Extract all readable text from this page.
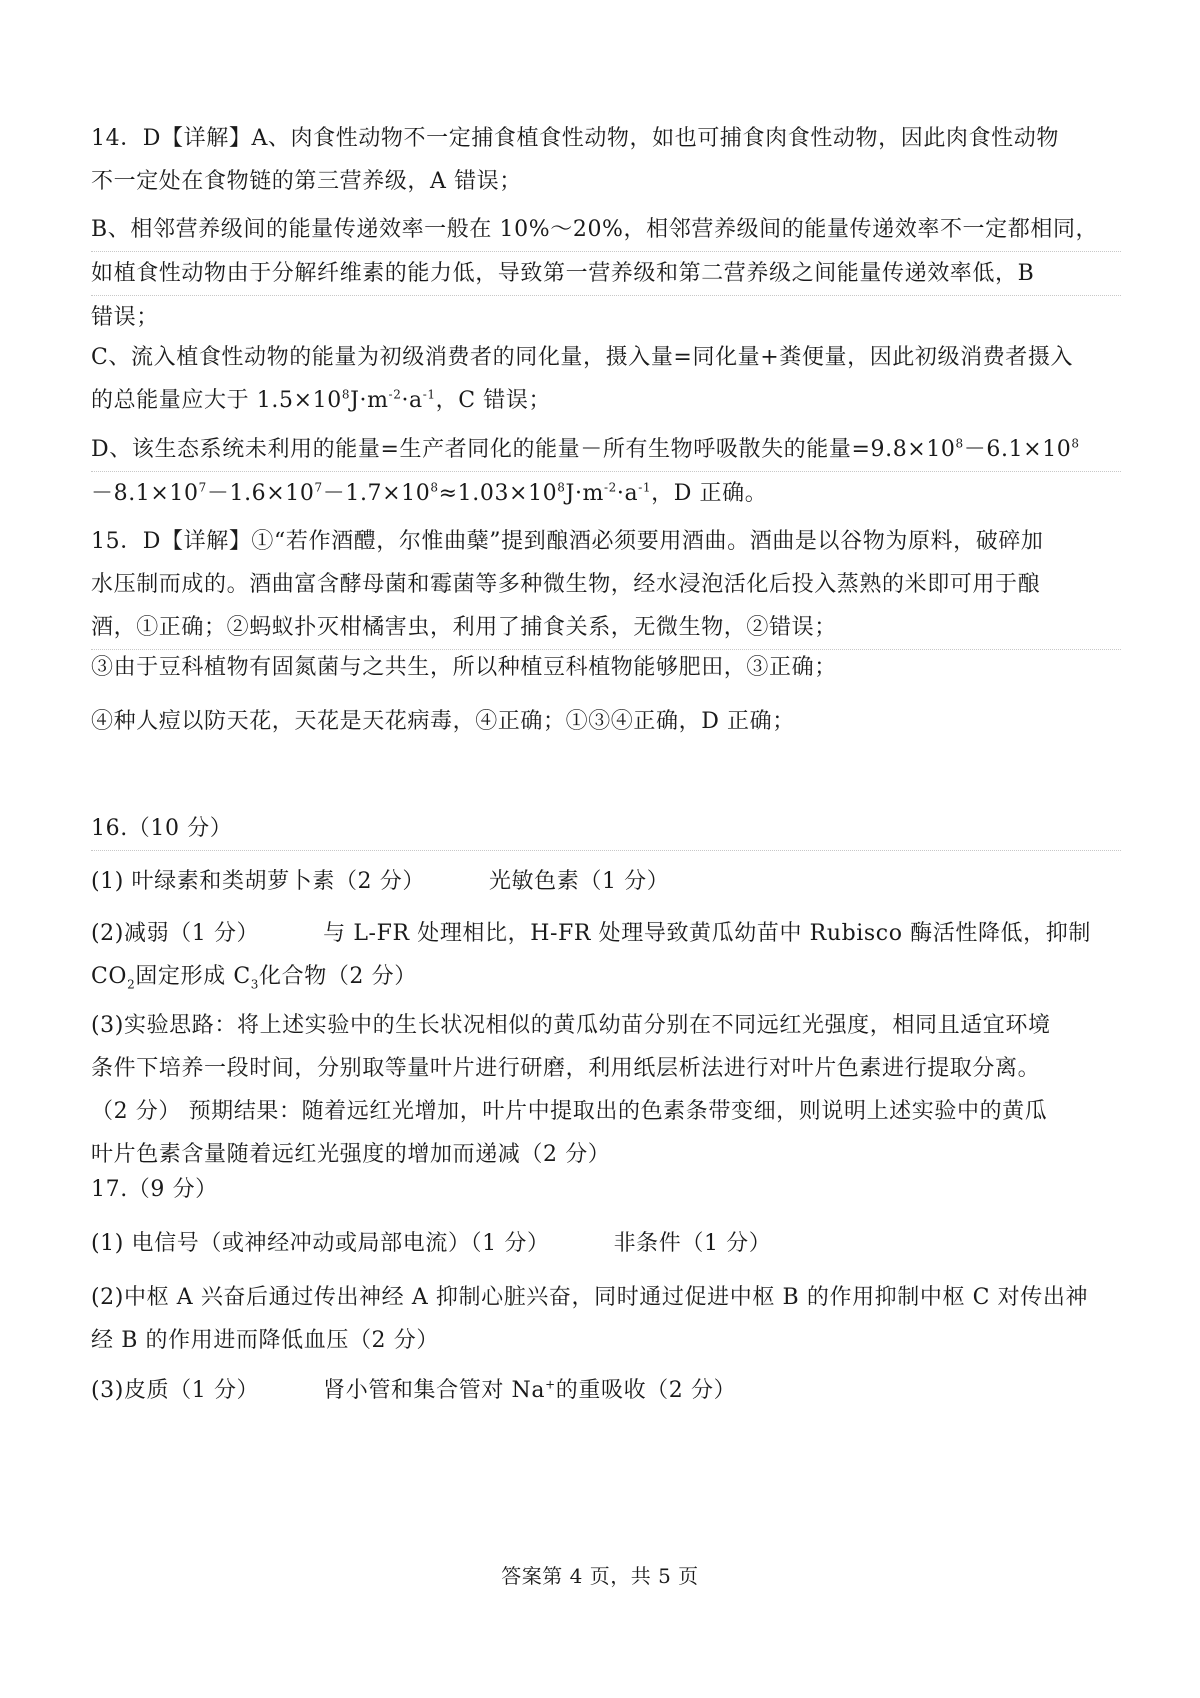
14．D【详解】A、肉食性动物不一定捕食植食性动物，如也可捕食肉食性动物，因此肉食性动物
不一定处在食物链的第三营养级，A 错误；
B、相邻营养级间的能量传递效率一般在 10%～20%，相邻营养级间的能量传递效率不一定都相同，
如植食性动物由于分解纤维素的能力低，导致第一营养级和第二营养级之间能量传递效率低，B
错误；
C、流入植食性动物的能量为初级消费者的同化量，摄入量=同化量+粪便量，因此初级消费者摄入
的总能量应大于 $1.5\times 10^8J\cdot m^{-2}\cdot a^{-1}$，C 错误；
D、该生态系统未利用的能量=生产者同化的能量－所有生物呼吸散失的能量$=9.8\times 10^8-6.1\times 10^8$
$-8.1\times 10^7-1.6\times 10^7-1.7\times 10^8\approx 1.03\times 10^8J\cdot m^{-2}\cdot a^{-1}$，D 正确。
15．D【详解】①“若作酒醴，尔惟曲蘖”提到酿酒必须要用酒曲。酒曲是以谷物为原料，破碎加
水压制而成的。酒曲富含酵母菌和霉菌等多种微生物，经水浸泡活化后投入蒸熟的米即可用于酿
酒，①正确；②蚂蚁扑灭柑橘害虫，利用了捕食关系，无微生物，②错误；
③由于豆科植物有固氮菌与之共生，所以种植豆科植物能够肥田，③正确；
④种人痘以防天花，天花是天花病毒，④正确；①③④正确，D 正确；
16.（10 分）
(1) 叶绿素和类胡萝卜素（2 分）	光敏色素（1 分）
(2)减弱（1 分）	与 L-FR 处理相比，H-FR 处理导致黄瓜幼苗中 Rubisco 酶活性降低，抑制
$CO_2$固定形成 $C_3$化合物（2 分）
(3)实验思路：将上述实验中的生长状况相似的黄瓜幼苗分别在不同远红光强度，相同且适宜环境
条件下培养一段时间，分别取等量叶片进行研磨，利用纸层析法进行对叶片色素进行提取分离。
（2 分） 预期结果：随着远红光增加，叶片中提取出的色素条带变细，则说明上述实验中的黄瓜
叶片色素含量随着远红光强度的增加而递减（2 分）
17.（9 分）
(1) 电信号（或神经冲动或局部电流）（1 分）	非条件（1 分）
(2)中枢 A 兴奋后通过传出神经 A 抑制心脏兴奋，同时通过促进中枢 B 的作用抑制中枢 C 对传出神
经 B 的作用进而降低血压（2 分）
(3)皮质（1 分）	肾小管和集合管对 Na+的重吸收（2 分）
答案第 4 页，共 5 页
